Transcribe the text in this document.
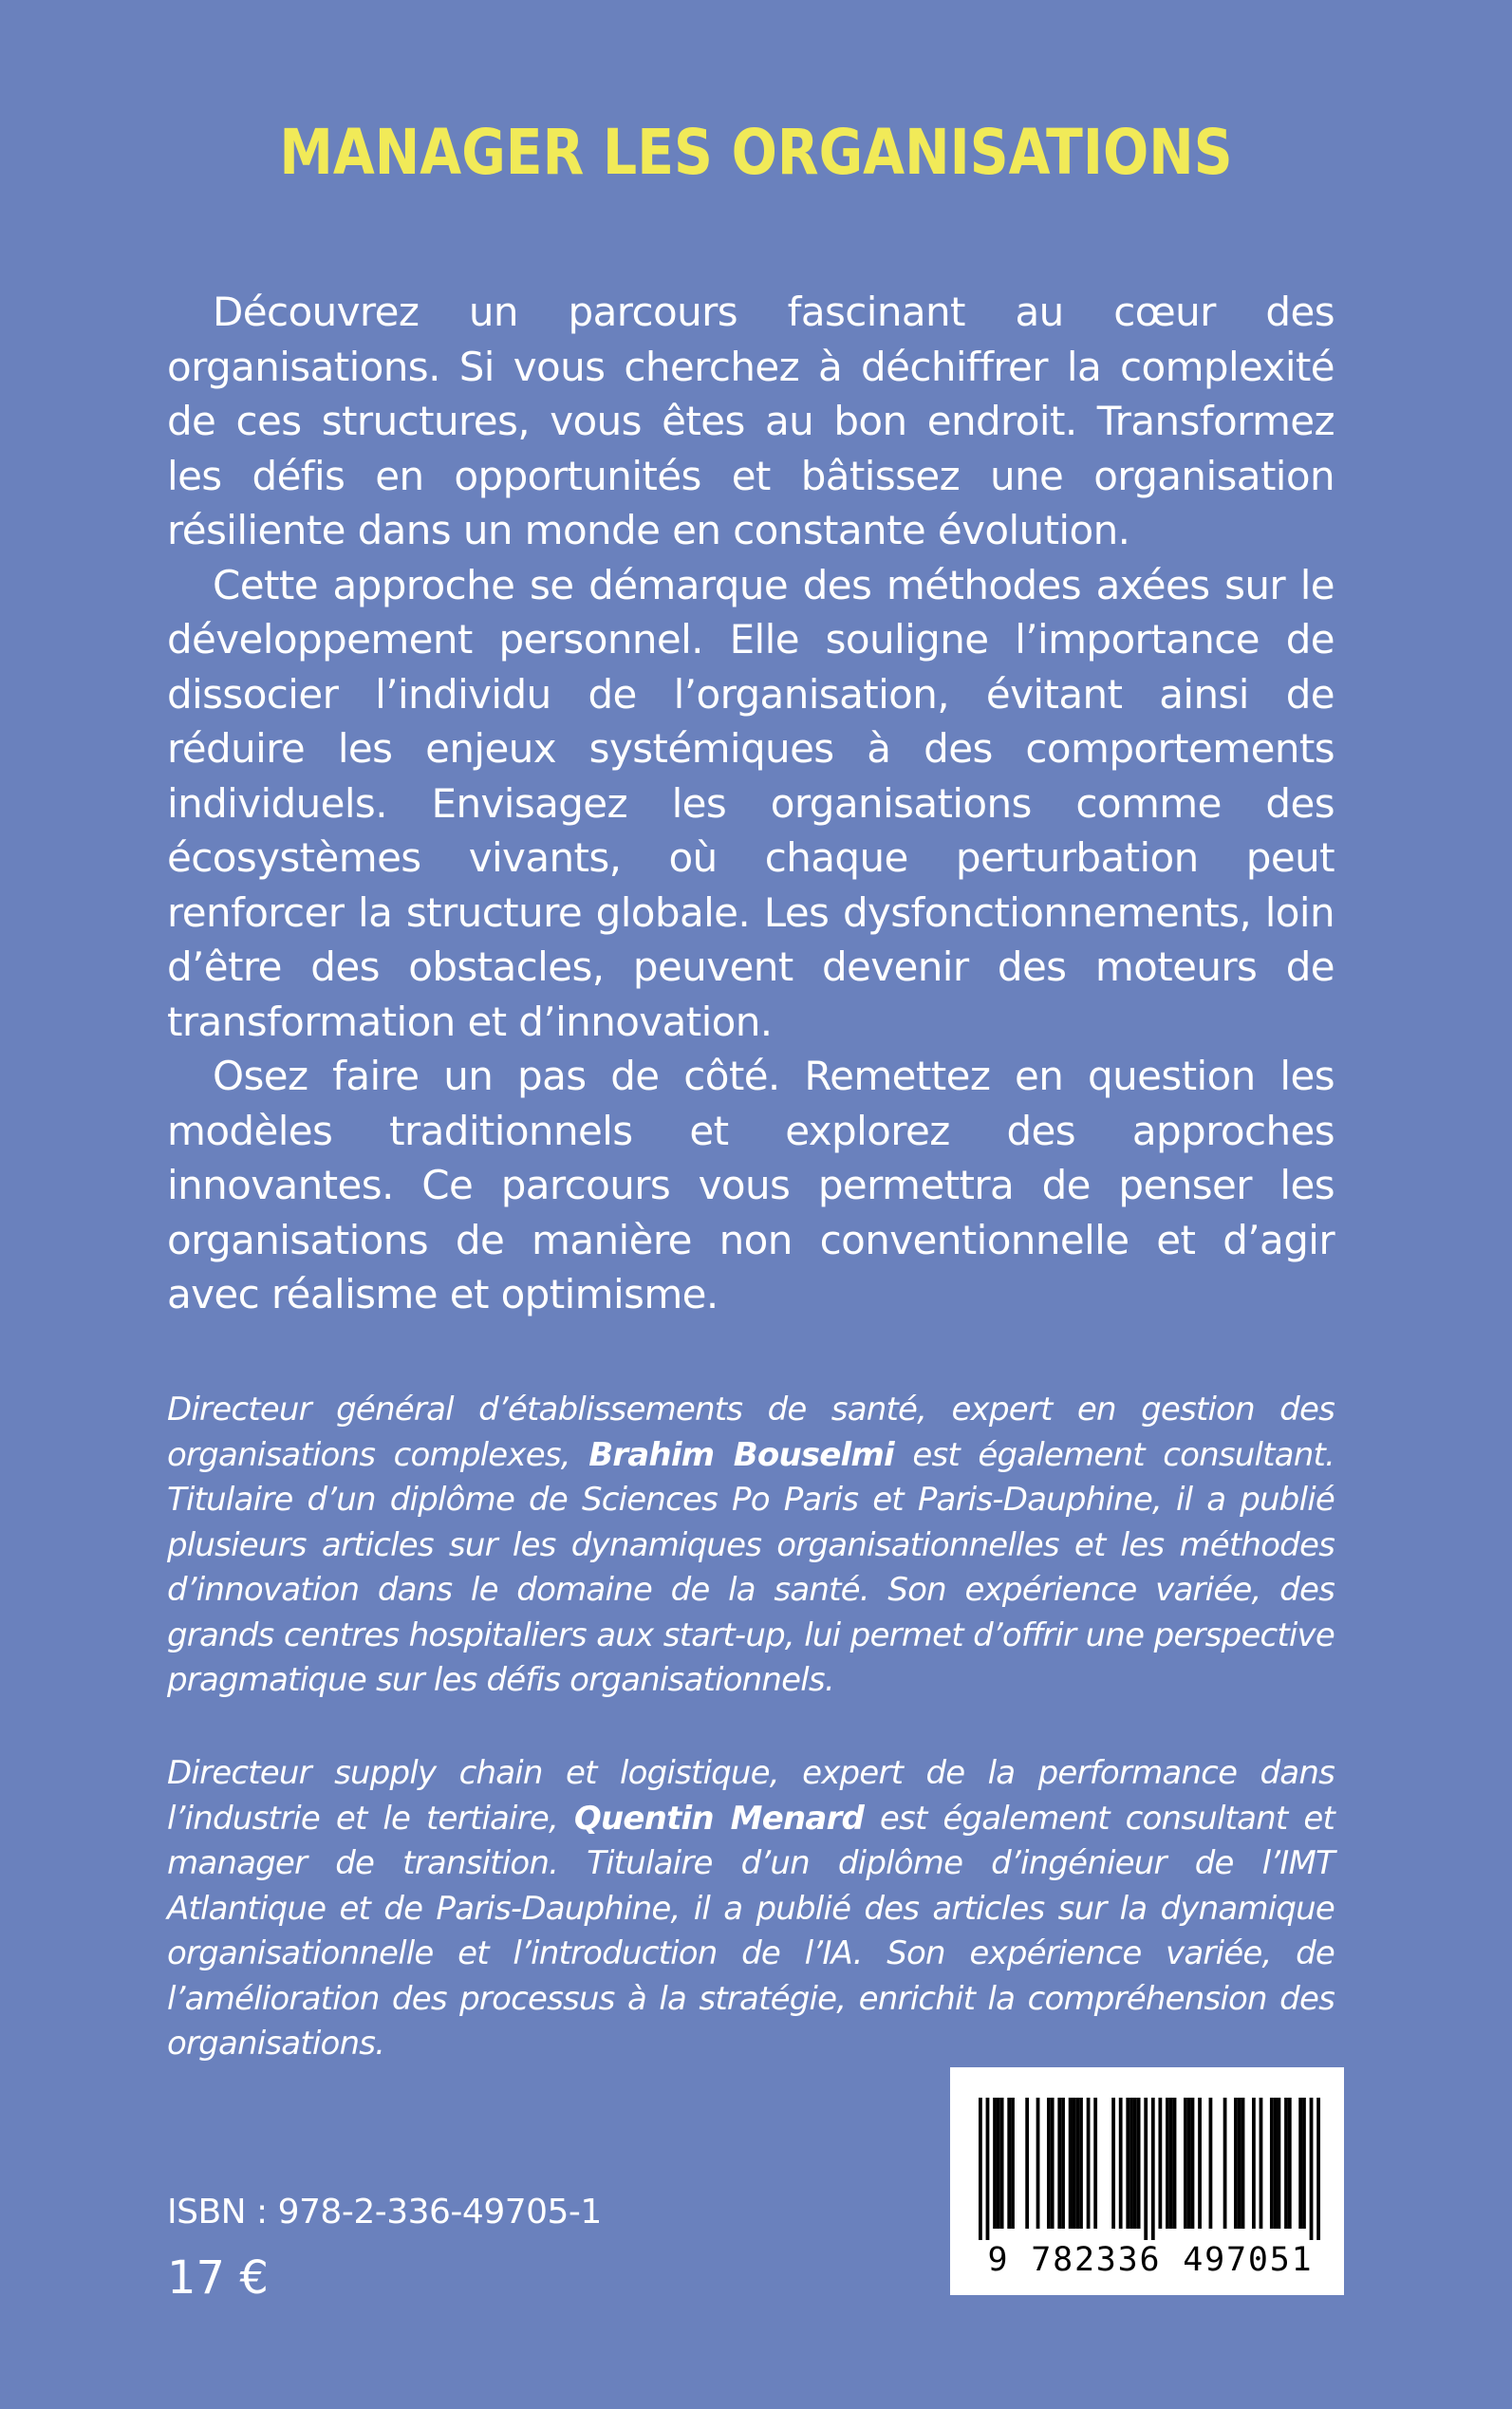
MANAGER LES ORGANISATIONS

Découvrez un parcours fascinant au cœur des organisations. Si vous cherchez à déchiffrer la complexité de ces structures, vous êtes au bon endroit. Transformez les défis en opportunités et bâtissez une organisation résiliente dans un monde en constante évolution.

Cette approche se démarque des méthodes axées sur le développement personnel. Elle souligne l’importance de dissocier l’individu de l’organisation, évitant ainsi de réduire les enjeux systémiques à des comportements individuels. Envisagez les organisations comme des écosystèmes vivants, où chaque perturbation peut renforcer la structure globale. Les dysfonctionnements, loin d’être des obstacles, peuvent devenir des moteurs de transformation et d’innovation.

Osez faire un pas de côté. Remettez en question les modèles traditionnels et explorez des approches innovantes. Ce parcours vous permettra de penser les organisations de manière non conventionnelle et d’agir avec réalisme et optimisme.

Directeur général d’établissements de santé, expert en gestion des organisations complexes, Brahim Bouselmi est également consultant. Titulaire d’un diplôme de Sciences Po Paris et Paris-Dauphine, il a publié plusieurs articles sur les dynamiques organisationnelles et les méthodes d’innovation dans le domaine de la santé. Son expérience variée, des grands centres hospitaliers aux start-up, lui permet d’offrir une perspective pragmatique sur les défis organisationnels.

Directeur supply chain et logistique, expert de la performance dans l’industrie et le tertiaire, Quentin Menard est également consultant et manager de transition. Titulaire d’un diplôme d’ingénieur de l’IMT Atlantique et de Paris-Dauphine, il a publié des articles sur la dynamique organisationnelle et l’introduction de l’IA. Son expérience variée, de l’amélioration des processus à la stratégie, enrichit la compréhension des organisations.

ISBN : 978-2-336-49705-1

17 €	9 782336 497051
